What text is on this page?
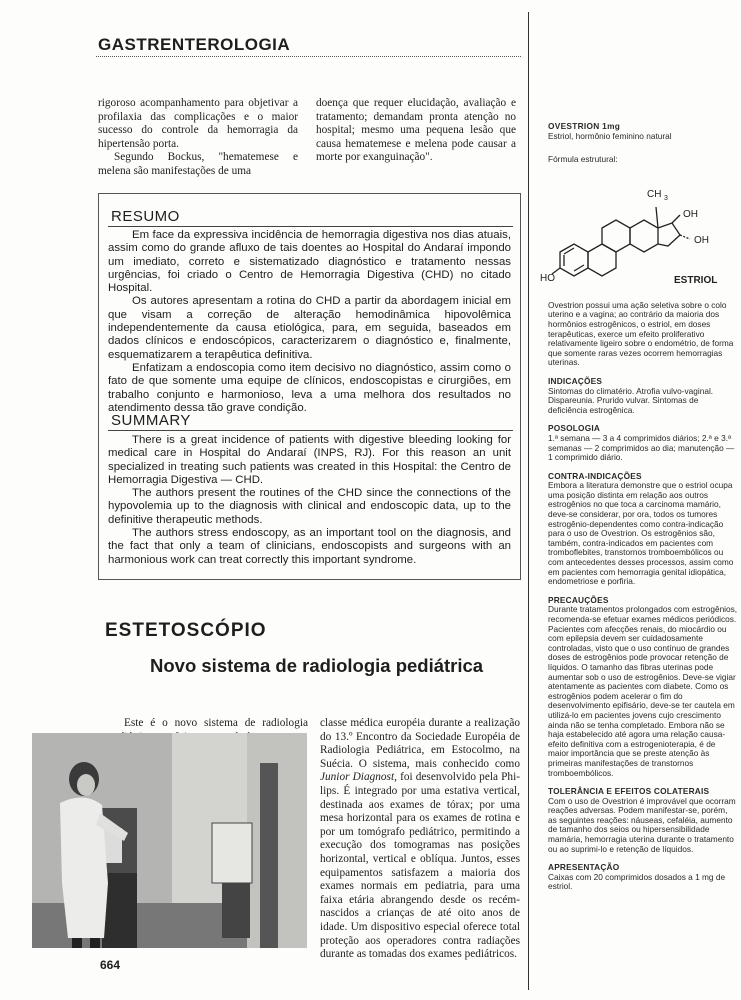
GASTRENTEROLOGIA

rigoroso acompanhamento para objetivar a profilaxia das complicações e o maior sucesso do controle da hemorragia da hipertensão porta.

Segundo Bockus, "hematemese e melena são manifestações de uma

doença que requer elucidação, avaliação e tratamento; demandam pronta atenção no hospital; mesmo uma pequena lesão que causa hematemese e melena pode causar a morte por exanguinação".

RESUMO

Em face da expressiva incidência de hemorragia digestiva nos dias atuais, assim como do grande afluxo de tais doentes ao Hospital do Andaraí impondo um imediato, correto e sistematizado diagnóstico e tratamento nessas urgências, foi criado o Centro de Hemorragia Digestiva (CHD) no citado Hospital.

Os autores apresentam a rotina do CHD a partir da abordagem inicial em que visam a correção de alteração hemodinâmica hipovolêmica independentemente da causa etiológica, para, em seguida, baseados em dados clínicos e endoscópicos, caracterizarem o diagnóstico e, finalmente, esquematizarem a terapêutica definitiva.

Enfatizam a endoscopia como item decisivo no diagnóstico, assim como o fato de que somente uma equipe de clínicos, endoscopistas e cirurgiões, em trabalho conjunto e harmonioso, leva a uma melhora dos resultados no atendimento dessa tão grave condição.

SUMMARY

There is a great incidence of patients with digestive bleeding looking for medical care in Hospital do Andaraí (INPS, RJ). For this reason an unit specialized in treating such patients was created in this Hospital: the Centro de Hemorragia Digestiva — CHD.

The authors present the routines of the CHD since the connections of the hypovolemia up to the diagnosis with clinical and endoscopic data, up to the definitive therapeutic methods.

The authors stress endoscopy, as an important tool on the diagnosis, and the fact that only a team of clinicians, endoscopists and surgeons with an harmonious work can treat correctly this important syndrome.

ESTETOSCÓPIO
Novo sistema de radiologia pediátrica

Este é o novo sistema de radiologia classe médica européia durante a realização do 13.º Encontro da Sociedade Européia de Radiologia Pediátrica, em Estocolmo, na Suécia. O sistema, mais conhecido como Junior Diagnost, foi desenvolvido pela Philips. É integrado por uma estativa vertical, destinada aos exames de tórax; por uma mesa horizontal para os exames de rotina e por um tomógrafo pediátrico, permitindo a execução dos tomogramas nas posições horizontal, vertical e oblíqua. Juntos, esses equipamentos satisfazem a maioria dos exames normais em pediatria, para uma faixa etária abrangendo desde os recém-nascidos a crianças de até oito anos de idade. Um dispositivo especial oferece total proteção aos operadores contra radiações durante as tomadas dos exames pediátricos.

664
OVESTRION 1mg
Estriol, hormônio feminino natural
Fórmula estrutural:
CH 3
OH
OH
HO	ESTRIOL

Ovestrion possui uma ação seletiva sobre o colo uterino e a vagina; ao contrário da maioria dos hormônios estrogênicos, o estriol, em doses terapêuticas, exerce um efeito proliferativo relativamente ligeiro sobre o endométrio, de forma que somente raras vezes ocorrem hemorragias uterinas.

INDICAÇÕES

Sintomas do climatério. Atrofia vulvo-vaginal. Dispareunia. Prurido vulvar. Sintomas de deficiência estrogênica.

POSOLOGIA

1.ª semana — 3 a 4 comprimidos diários; 2.ª e 3.ª semanas — 2 comprimidos ao dia; manutenção — 1 comprimido diário.

CONTRA-INDICAÇÕES

Embora a literatura demonstre que o estriol ocupa uma posição distinta em relação aos outros estrogênios no que toca a carcinoma mamário, deve-se considerar, por ora, todos os tumores estrogênio-dependentes como contra-indicação para o uso de Ovestrion. Os estrogênios são, também, contra-indicados em pacientes com tromboflebites, transtornos tromboembólicos ou com antecedentes desses processos, assim como em pacientes com hemorragia genital idiopática, endometriose e porfiria.

PRECAUÇÕES

Durante tratamentos prolongados com estrogênios, recomenda-se efetuar exames médicos periódicos. Pacientes com afecções renais, do miocárdio ou com epilepsia devem ser cuidadosamente controladas, visto que o uso contínuo de grandes doses de estrogênios pode provocar retenção de líquidos. O tamanho das fibras uterinas pode aumentar sob o uso de estrogênios. Deve-se vigiar atentamente as pacientes com diabete. Como os estrogênios podem acelerar o fim do desenvolvimento epifisário, deve-se ter cautela em utilizá-lo em pacientes jovens cujo crescimento ainda não se tenha completado. Embora não se haja estabelecido até agora uma relação causa-efeito definitiva com a estrogenioterapia, é de maior importância que se preste atenção às primeiras manifestações de transtornos tromboembólicos.

TOLERÂNCIA E EFEITOS COLATERAIS

Com o uso de Ovestrion é improvável que ocorram reações adversas. Podem manifestar-se, porém, as seguintes reações: náuseas, cefaléia, aumento de tamanho dos seios ou hipersensibilidade mamária, hemorragia uterina durante o tratamento ou ao suprimi-lo e retenção de líquidos.

APRESENTAÇÃO

Caixas com 20 comprimidos dosados a 1 mg de estriol.
